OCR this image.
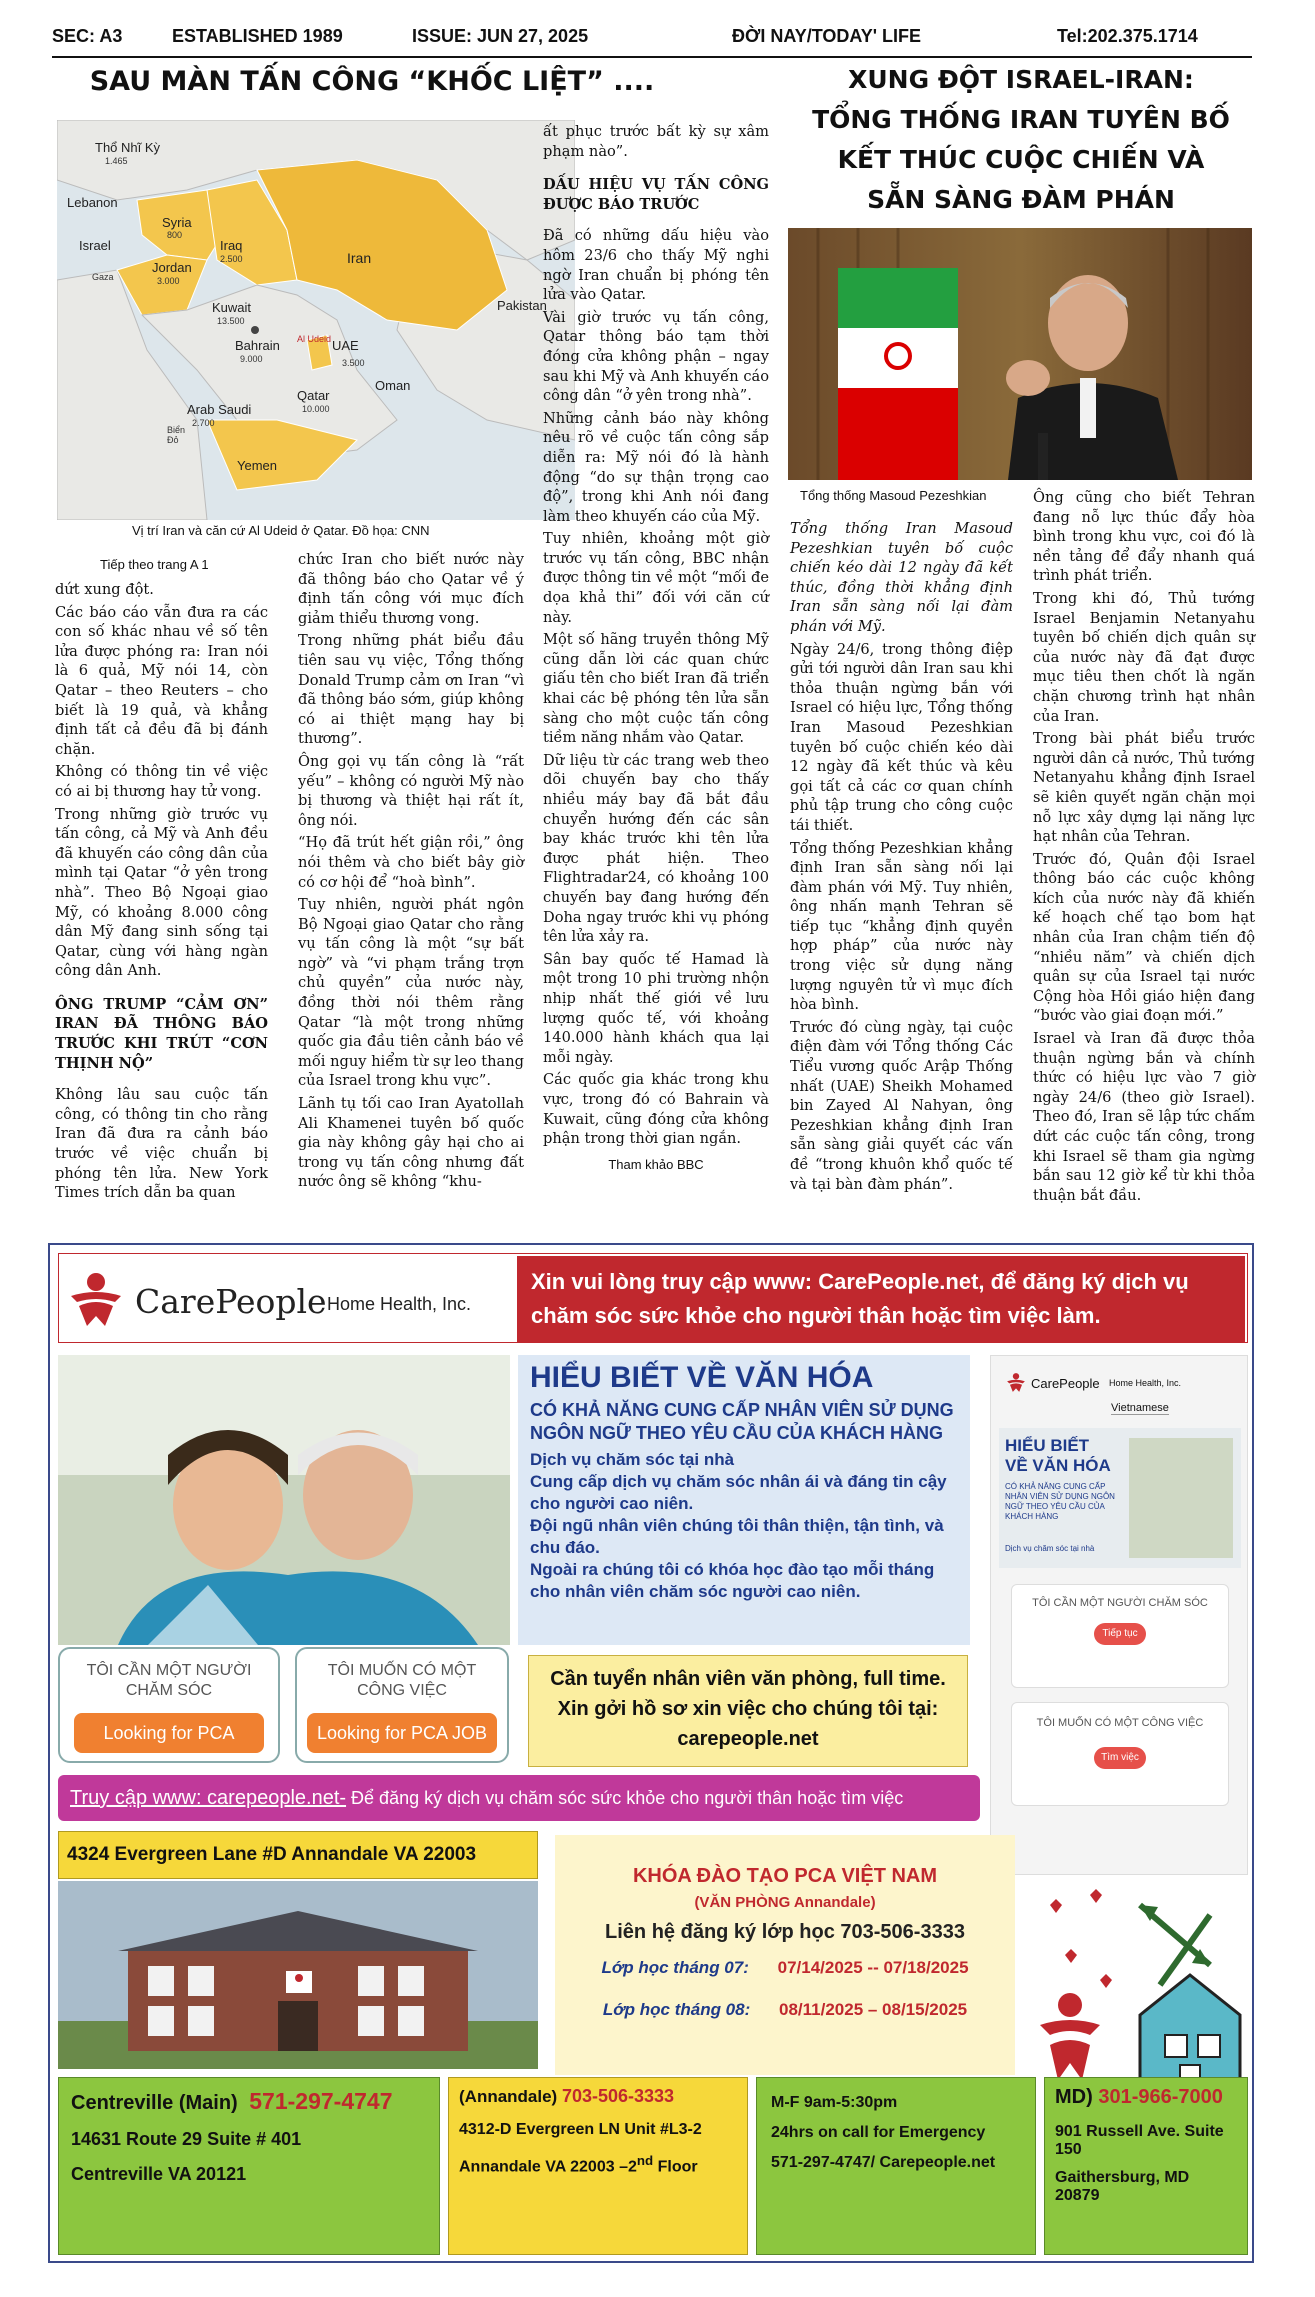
SEC: A3	ESTABLISHED 1989	ISSUE: JUN 27, 2025	ĐỜI NAY/TODAY' LIFE	Tel:202.375.1714
SAU MÀN TẤN CÔNG “KHỐC LIỆT” ....
Thổ Nhĩ Kỳ
1.465
Lebanon
Syria
800
Israel	Iraq
2.500	Iran
Gaza
Jordan
3.000
Kuwait
13.500
Pakistan
Bahrain
9.000
Al Udeid UAE
3.500
Oman
Qatar
10.000
Arab Saudi
2.700
Biển
Đỏ
Yemen
Vị trí Iran và căn cứ Al Udeid ở Qatar. Đồ họa: CNN
Tiếp theo trang A 1

dứt xung đột.

Các báo cáo vẫn đưa ra các con số khác nhau về số tên lửa được phóng ra: Iran nói là 6 quả, Mỹ nói 14, còn Qatar – theo Reuters – cho biết là 19 quả, và khẳng định tất cả đều đã bị đánh chặn.

Không có thông tin về việc có ai bị thương hay tử vong.

Trong những giờ trước vụ tấn công, cả Mỹ và Anh đều đã khuyến cáo công dân của mình tại Qatar “ở yên trong nhà”. Theo Bộ Ngoại giao Mỹ, có khoảng 8.000 công dân Mỹ đang sinh sống tại Qatar, cùng với hàng ngàn công dân Anh.

ÔNG TRUMP “CẢM ƠN” IRAN ĐÃ THÔNG BÁO TRƯỚC KHI TRÚT “CƠN THỊNH NỘ”

Không lâu sau cuộc tấn công, có thông tin cho rằng Iran đã đưa ra cảnh báo trước về việc chuẩn bị phóng tên lửa. New York Times trích dẫn ba quan

chức Iran cho biết nước này đã thông báo cho Qatar về ý định tấn công với mục đích giảm thiểu thương vong.

Trong những phát biểu đầu tiên sau vụ việc, Tổng thống Donald Trump cảm ơn Iran “vì đã thông báo sớm, giúp không có ai thiệt mạng hay bị thương”.

Ông gọi vụ tấn công là “rất yếu” – không có người Mỹ nào bị thương và thiệt hại rất ít, ông nói.

“Họ đã trút hết giận rồi,” ông nói thêm và cho biết bây giờ có cơ hội để “hoà bình”.

Tuy nhiên, người phát ngôn Bộ Ngoại giao Qatar cho rằng vụ tấn công là một “sự bất ngờ” và “vi phạm trắng trợn chủ quyền” của nước này, đồng thời nói thêm rằng Qatar “là một trong những quốc gia đầu tiên cảnh báo về mối nguy hiểm từ sự leo thang của Israel trong khu vực”.

Lãnh tụ tối cao Iran Ayatollah Ali Khamenei tuyên bố quốc gia này không gây hại cho ai trong vụ tấn công nhưng đất nước ông sẽ không “khu-

ất phục trước bất kỳ sự xâm phạm nào”.

DẤU HIỆU VỤ TẤN CÔNG ĐƯỢC BÁO TRƯỚC

Đã có những dấu hiệu vào hôm 23/6 cho thấy Mỹ nghi ngờ Iran chuẩn bị phóng tên lửa vào Qatar.

Vài giờ trước vụ tấn công, Qatar thông báo tạm thời đóng cửa không phận – ngay sau khi Mỹ và Anh khuyến cáo công dân “ở yên trong nhà”.

Những cảnh báo này không nêu rõ về cuộc tấn công sắp diễn ra: Mỹ nói đó là hành động “do sự thận trọng cao độ”, trong khi Anh nói đang làm theo khuyến cáo của Mỹ.

Tuy nhiên, khoảng một giờ trước vụ tấn công, BBC nhận được thông tin về một “mối đe dọa khả thi” đối với căn cứ này.

Một số hãng truyền thông Mỹ cũng dẫn lời các quan chức giấu tên cho biết Iran đã triển khai các bệ phóng tên lửa sẵn sàng cho một cuộc tấn công tiềm năng nhắm vào Qatar.

Dữ liệu từ các trang web theo dõi chuyến bay cho thấy nhiều máy bay đã bắt đầu chuyển hướng đến các sân bay khác trước khi tên lửa được phát hiện. Theo Flightradar24, có khoảng 100 chuyến bay đang hướng đến Doha ngay trước khi vụ phóng tên lửa xảy ra.

Sân bay quốc tế Hamad là một trong 10 phi trường nhộn nhịp nhất thế giới về lưu lượng quốc tế, với khoảng 140.000 hành khách qua lại mỗi ngày.

Các quốc gia khác trong khu vực, trong đó có Bahrain và Kuwait, cũng đóng cửa không phận trong thời gian ngắn.

Tham khảo BBC

XUNG ĐỘT ISRAEL-IRAN:
TỔNG THỐNG IRAN TUYÊN BỐ
KẾT THÚC CUỘC CHIẾN VÀ
SẴN SÀNG ĐÀM PHÁN
Tổng thống Masoud Pezeshkian

Tổng thống Iran Masoud Pezeshkian tuyên bố cuộc chiến kéo dài 12 ngày đã kết thúc, đồng thời khẳng định Iran sẵn sàng nối lại đàm phán với Mỹ.

Ngày 24/6, trong thông điệp gửi tới người dân Iran sau khi thỏa thuận ngừng bắn với Israel có hiệu lực, Tổng thống Iran Masoud Pezeshkian tuyên bố cuộc chiến kéo dài 12 ngày đã kết thúc và kêu gọi tất cả các cơ quan chính phủ tập trung cho công cuộc tái thiết.

Tổng thống Pezeshkian khẳng định Iran sẵn sàng nối lại đàm phán với Mỹ. Tuy nhiên, ông nhấn mạnh Tehran sẽ tiếp tục “khẳng định quyền hợp pháp” của nước này trong việc sử dụng năng lượng nguyên tử vì mục đích hòa bình.

Trước đó cùng ngày, tại cuộc điện đàm với Tổng thống Các Tiểu vương quốc Arập Thống nhất (UAE) Sheikh Mohamed bin Zayed Al Nahyan, ông Pezeshkian khẳng định Iran sẵn sàng giải quyết các vấn đề “trong khuôn khổ quốc tế và tại bàn đàm phán”.

Ông cũng cho biết Tehran đang nỗ lực thúc đẩy hòa bình trong khu vực, coi đó là nền tảng để đẩy nhanh quá trình phát triển.

Trong khi đó, Thủ tướng Israel Benjamin Netanyahu tuyên bố chiến dịch quân sự của nước này đã đạt được mục tiêu then chốt là ngăn chặn chương trình hạt nhân của Iran.

Trong bài phát biểu trước người dân cả nước, Thủ tướng Netanyahu khẳng định Israel sẽ kiên quyết ngăn chặn mọi nỗ lực xây dựng lại năng lực hạt nhân của Tehran.

Trước đó, Quân đội Israel thông báo các cuộc không kích của nước này đã khiến kế hoạch chế tạo bom hạt nhân của Iran chậm tiến độ “nhiều năm” và chiến dịch quân sự của Israel tại nước Cộng hòa Hồi giáo hiện đang “bước vào giai đoạn mới.”

Israel và Iran đã được thỏa thuận ngừng bắn và chính thức có hiệu lực vào 7 giờ ngày 24/6 (theo giờ Israel). Theo đó, Iran sẽ lập tức chấm dứt các cuộc tấn công, trong khi Israel sẽ tham gia ngừng bắn sau 12 giờ kể từ khi thỏa thuận bắt đầu.

CarePeople Home Health, Inc.
Xin vui lòng truy cập www: CarePeople.net, để đăng ký dịch vụ chăm sóc sức khỏe cho người thân hoặc tìm việc làm.
HIỂU BIẾT VỀ VĂN HÓA
CÓ KHẢ NĂNG CUNG CẤP NHÂN VIÊN SỬ DỤNG NGÔN NGỮ THEO YÊU CẦU CỦA KHÁCH HÀNG
Dịch vụ chăm sóc tại nhà
Cung cấp dịch vụ chăm sóc nhân ái và đáng tin cậy cho người cao niên.
Đội ngũ nhân viên chúng tôi thân thiện, tận tình, và chu đáo.
Ngoài ra chúng tôi có khóa học đào tạo mỗi tháng cho nhân viên chăm sóc người cao niên.
CarePeople Home Health, Inc.
Vietnamese
HIỂU BIẾT VỀ VĂN HÓA
CÓ KHẢ NĂNG CUNG CẤP NHÂN VIÊN SỬ DỤNG NGÔN NGỮ THEO YÊU CẦU CỦA KHÁCH HÀNG
Dịch vụ chăm sóc tại nhà
TÔI CẦN MỘT NGƯỜI CHĂM SÓC
Tiếp tục
TÔI MUỐN CÓ MỘT CÔNG VIỆC
Tìm việc
TÔI CẦN MỘT NGƯỜI CHĂM SÓC
Looking for PCA
TÔI MUỐN CÓ MỘT CÔNG VIỆC
Looking for PCA JOB
Cần tuyển nhân viên văn phòng, full time.
Xin gởi hồ sơ xin việc cho chúng tôi tại:
carepeople.net
Truy cập www: carepeople.net- Để đăng ký dịch vụ chăm sóc sức khỏe cho người thân hoặc tìm việc
4324 Evergreen Lane #D Annandale VA 22003
KHÓA ĐÀO TẠO PCA VIỆT NAM
(VĂN PHÒNG Annandale)
Liên hệ đăng ký lớp học 703-506-3333
Lớp học tháng 07: 07/14/2025 -- 07/18/2025
Lớp học tháng 08: 08/11/2025 – 08/15/2025
Centreville (Main) 571-297-4747
14631 Route 29 Suite # 401
Centreville VA 20121
(Annandale) 703-506-3333
4312-D Evergreen LN Unit #L3-2
Annandale VA 22003 –2nd Floor
M-F 9am-5:30pm
24hrs on call for Emergency
571-297-4747/ Carepeople.net
MD) 301-966-7000
901 Russell Ave. Suite 150
Gaithersburg, MD 20879
